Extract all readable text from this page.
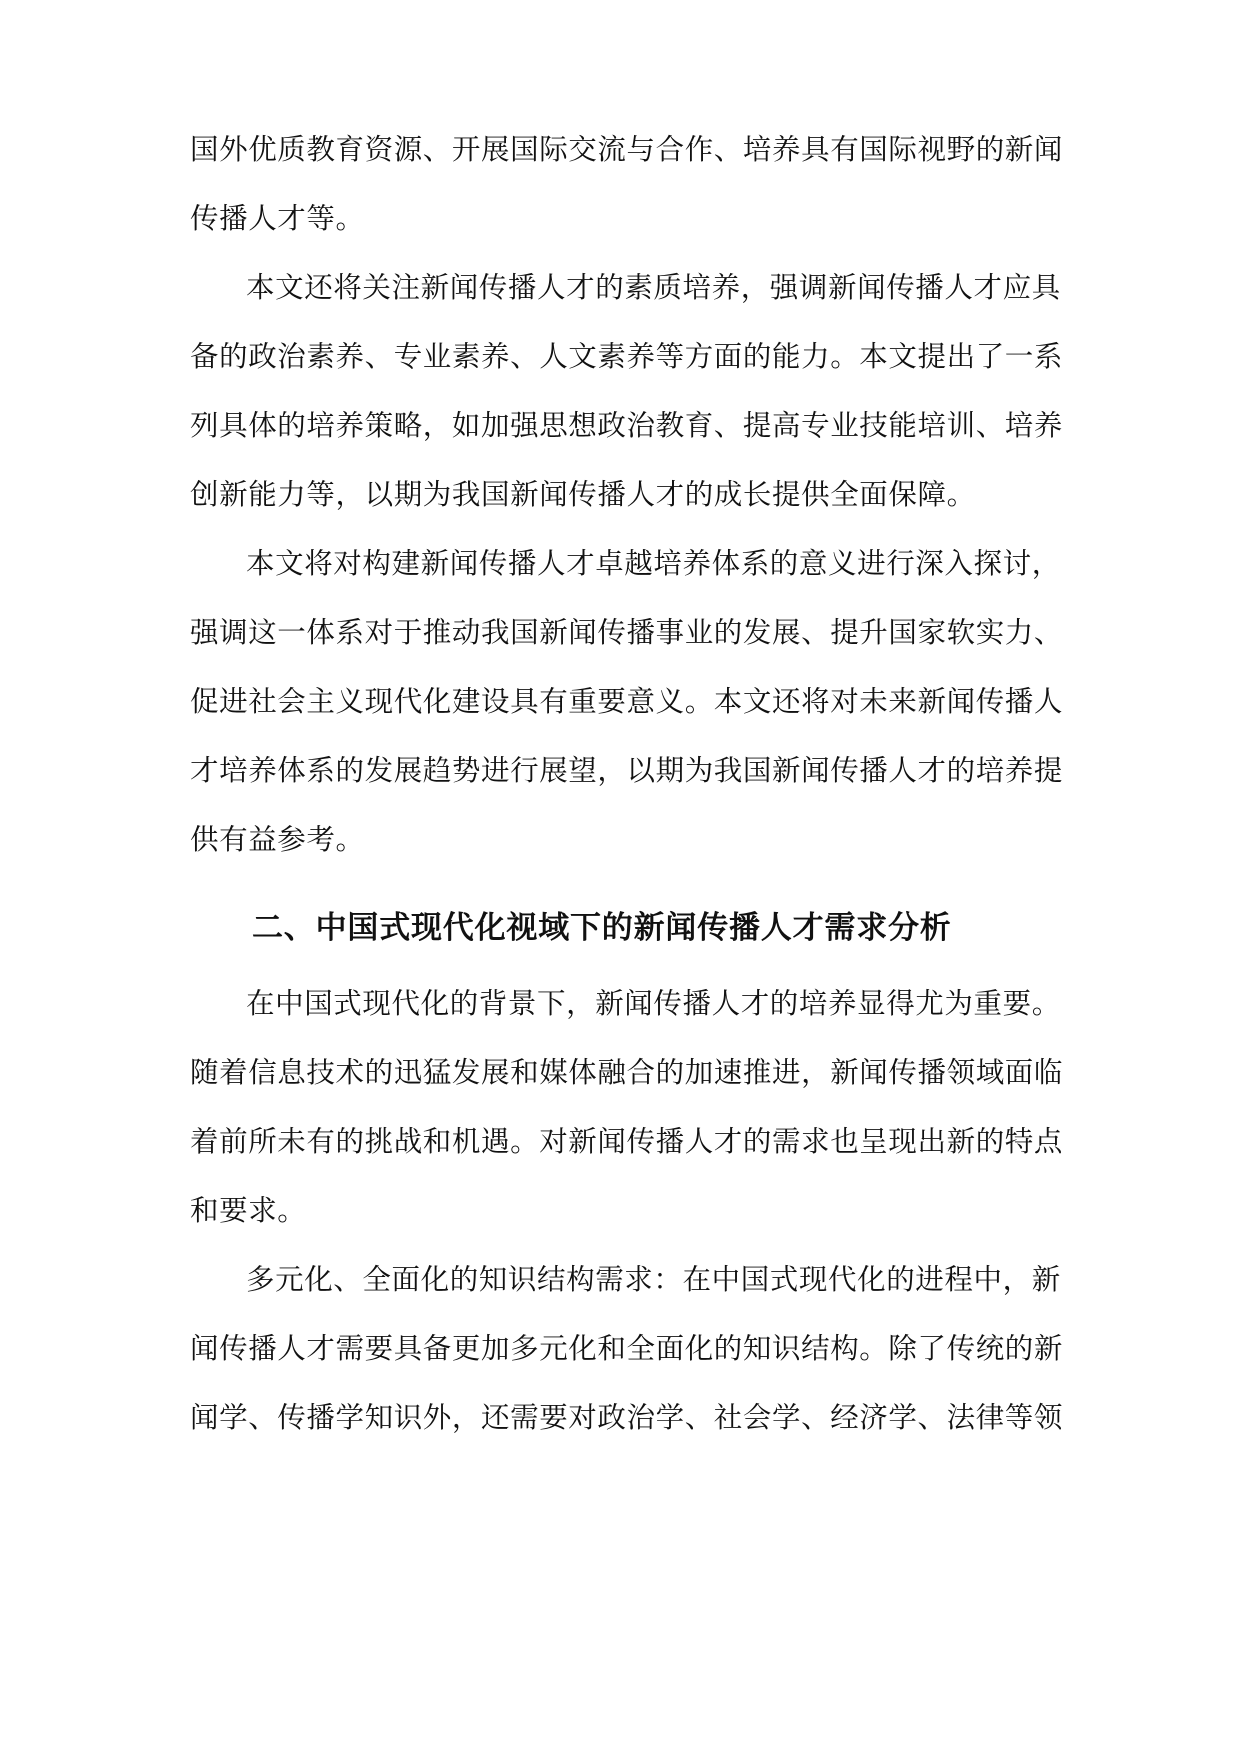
国外优质教育资源、开展国际交流与合作、培养具有国际视野的新闻
传播人才等。
本文还将关注新闻传播人才的素质培养，强调新闻传播人才应具
备的政治素养、专业素养、人文素养等方面的能力。本文提出了一系
列具体的培养策略，如加强思想政治教育、提高专业技能培训、培养
创新能力等，以期为我国新闻传播人才的成长提供全面保障。
本文将对构建新闻传播人才卓越培养体系的意义进行深入探讨，
强调这一体系对于推动我国新闻传播事业的发展、提升国家软实力、
促进社会主义现代化建设具有重要意义。本文还将对未来新闻传播人
才培养体系的发展趋势进行展望，以期为我国新闻传播人才的培养提
供有益参考。
二、中国式现代化视域下的新闻传播人才需求分析
在中国式现代化的背景下，新闻传播人才的培养显得尤为重要。
随着信息技术的迅猛发展和媒体融合的加速推进，新闻传播领域面临
着前所未有的挑战和机遇。对新闻传播人才的需求也呈现出新的特点
和要求。
多元化、全面化的知识结构需求：在中国式现代化的进程中，新
闻传播人才需要具备更加多元化和全面化的知识结构。除了传统的新
闻学、传播学知识外，还需要对政治学、社会学、经济学、法律等领
